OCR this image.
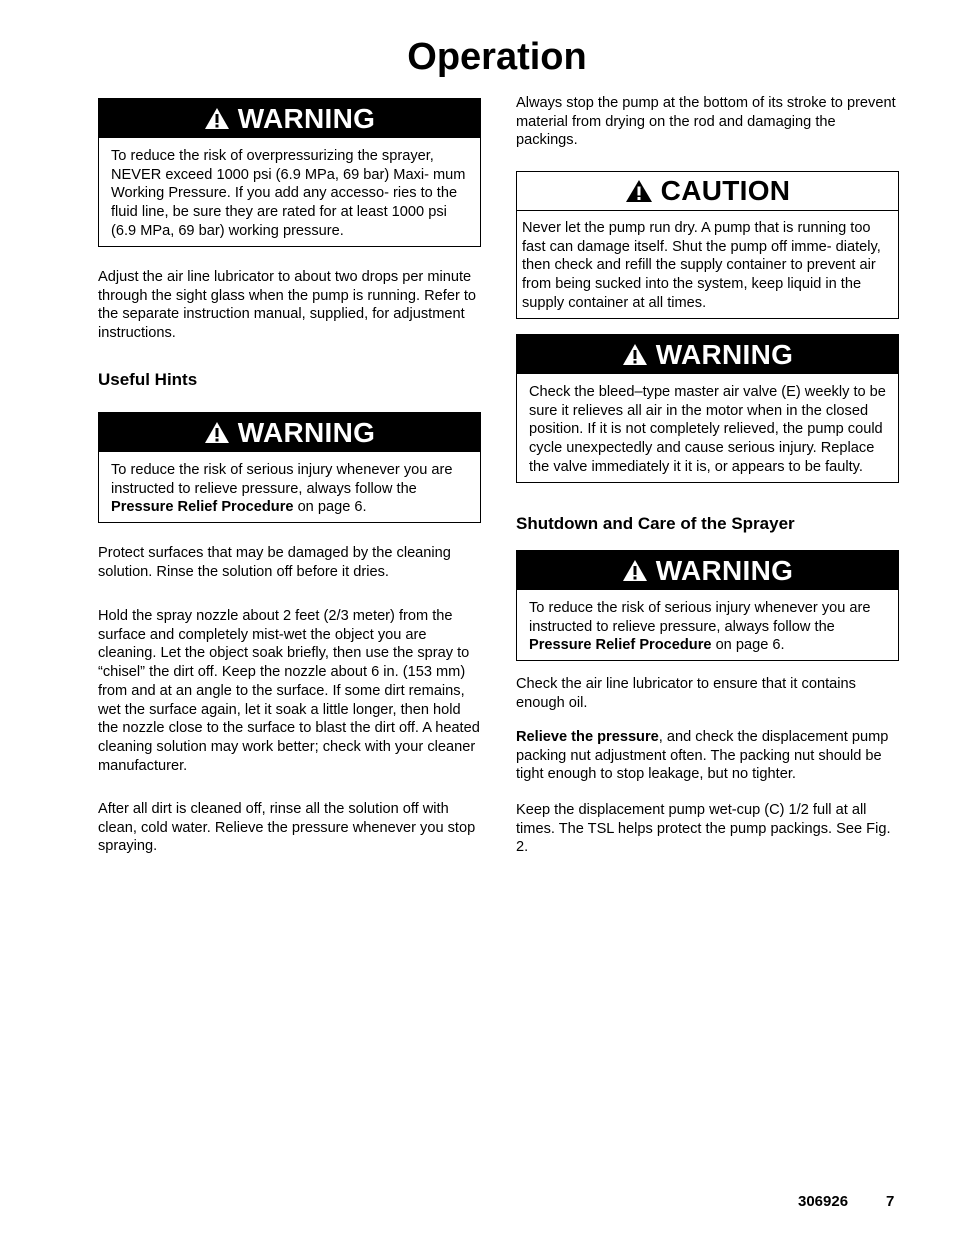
Operation
WARNING
To reduce the risk of overpressurizing the sprayer, NEVER exceed 1000 psi (6.9 MPa, 69 bar) Maxi- mum Working Pressure. If you add any accesso- ries to the fluid line, be sure they are rated for at least 1000 psi (6.9 MPa, 69 bar) working pressure.

Adjust the air line lubricator to about two drops per minute through the sight glass when the pump is running. Refer to the separate instruction manual, supplied, for adjustment instructions.

Useful Hints
WARNING
To reduce the risk of serious injury whenever you are instructed to relieve pressure, always follow the Pressure Relief Procedure on page 6.

Protect surfaces that may be damaged by the cleaning solution. Rinse the solution off before it dries.

Hold the spray nozzle about 2 feet (2/3 meter) from the surface and completely mist-wet the object you are cleaning. Let the object soak briefly, then use the spray to “chisel” the dirt off. Keep the nozzle about 6 in. (153 mm) from and at an angle to the surface. If some dirt remains, wet the surface again, let it soak a little longer, then hold the nozzle close to the surface to blast the dirt off. A heated cleaning solution may work better; check with your cleaner manufacturer.

After all dirt is cleaned off, rinse all the solution off with clean, cold water. Relieve the pressure whenever you stop spraying.

Always stop the pump at the bottom of its stroke to prevent material from drying on the rod and damaging the packings.

CAUTION
Never let the pump run dry. A pump that is running too fast can damage itself. Shut the pump off imme- diately, then check and refill the supply container to prevent air from being sucked into the system, keep liquid in the supply container at all times.
WARNING
Check the bleed–type master air valve (E) weekly to be sure it relieves all air in the motor when in the closed position. If it is not completely relieved, the pump could cycle unexpectedly and cause serious injury. Replace the valve immediately it it is, or appears to be faulty.
Shutdown and Care of the Sprayer
WARNING
To reduce the risk of serious injury whenever you are instructed to relieve pressure, always follow the Pressure Relief Procedure on page 6.

Check the air line lubricator to ensure that it contains enough oil.

Relieve the pressure, and check the displacement pump packing nut adjustment often. The packing nut should be tight enough to stop leakage, but no tighter.

Keep the displacement pump wet-cup (C) 1/2 full at all times. The TSL helps protect the pump packings. See Fig. 2.

306926	7
